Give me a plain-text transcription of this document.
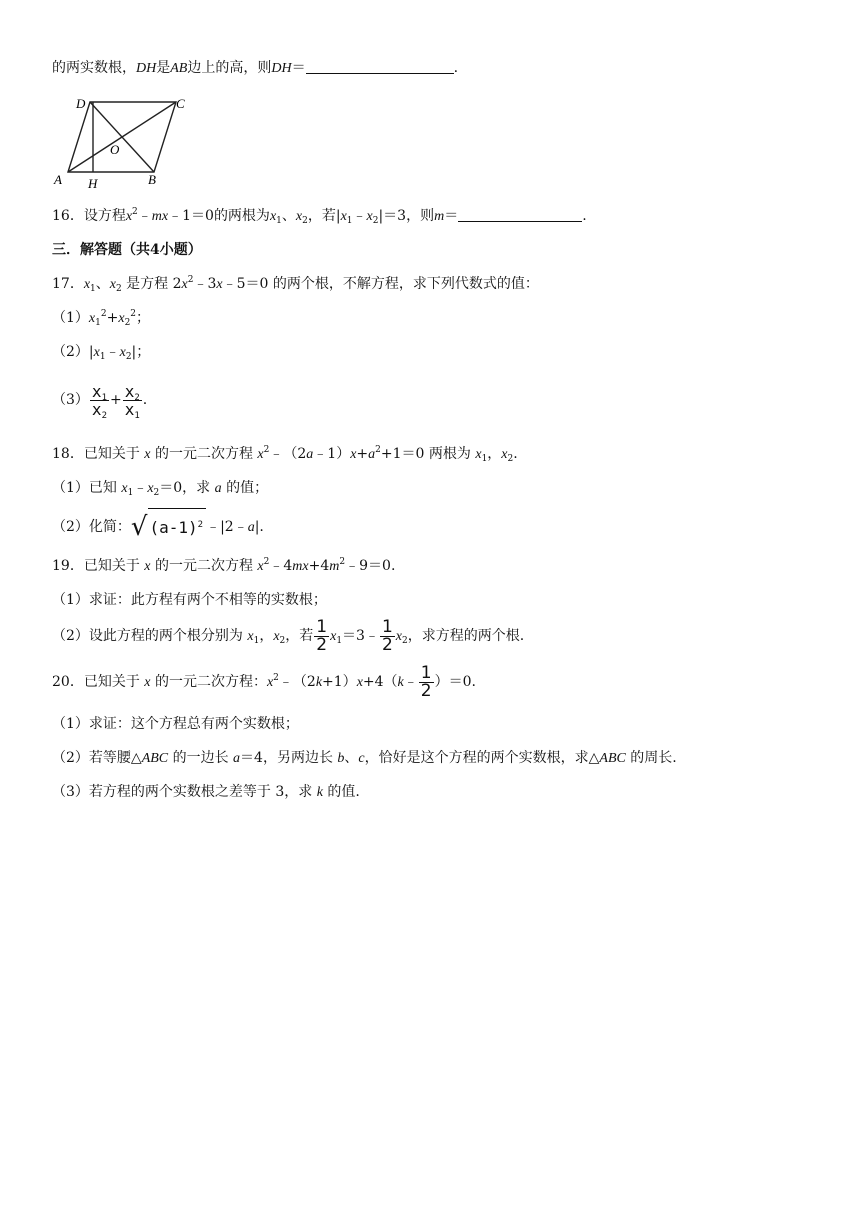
的两实数根，DH是AB边上的高，则DH＝	.
D	C
O
A H	B
16．设方程$x^2﹣mx﹣1=0$的两根为$x_1$、$x_2$，若$|x_1﹣x_2|=3$，则m＝	.
三．解答题（共4小题）
17．$x_1$、$x_2$ 是方程 $2x^2﹣3x﹣5=0$ 的两个根，不解方程，求下列代数式的值：
$(1)x_1^2+x_2^2$；
$(2)|x_1﹣x_2|$；
$(3) \frac{x_1}{x_2} + \frac{x_2}{x_1}$ .
18．已知关于 x 的一元二次方程 $x^2﹣(2a﹣1)x+a^2+1=0$ 两根为 $x_1$，$x_2$.
（1）已知 $x_1﹣x_2=0$，求 a 的值；
（2）化简：√ $(a-1)^2$ ﹣|2﹣a|.
19．已知关于 x 的一元二次方程 $x^2﹣4mx+4m^2﹣9=0$.
（1）求证：此方程有两个不相等的实数根；
（2）设此方程的两个根分别为 $x_1$，$x_2$，若 $\frac{1}{2}$ $x_1=3﹣ \frac{1}{2} x_2$，求方程的两个根.
20．已知关于 x 的一元二次方程：$x^2﹣(2k+1)x+4(k﹣ \frac{1}{2} )=0$.
（1）求证：这个方程总有两个实数根；
（2）若等腰△ABC 的一边长 a＝4，另两边长 b、c，恰好是这个方程的两个实数根，求△ABC 的周长.
（3）若方程的两个实数根之差等于 3，求 k 的值.
